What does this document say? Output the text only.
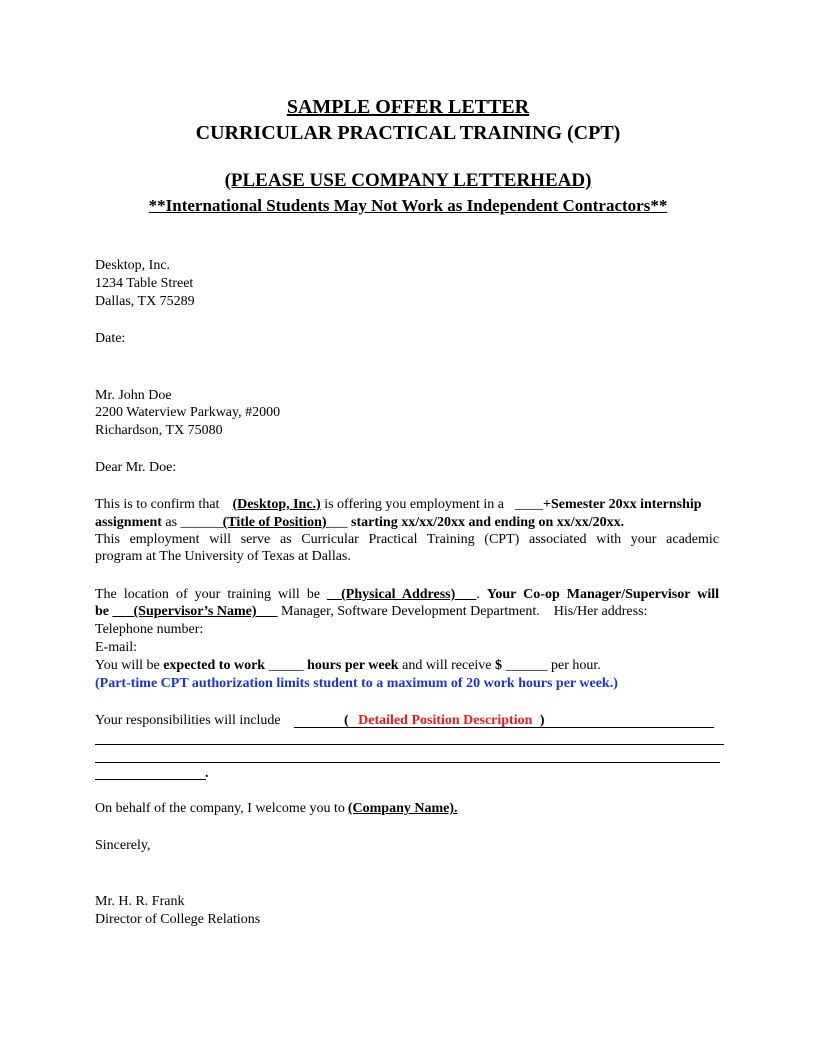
SAMPLE OFFER LETTER
CURRICULAR PRACTICAL TRAINING (CPT)
(PLEASE USE COMPANY LETTERHEAD)
**International Students May Not Work as Independent Contractors**
Desktop, Inc.
1234 Table Street
Dallas, TX 75289
Date:
Mr. John Doe
2200 Waterview Parkway, #2000
Richardson, TX 75080
Dear Mr. Doe:
This is to confirm that (Desktop, Inc.) is offering you employment in a ____+Semester 20xx internship
assignment as ______(Title of Position)___ starting xx/xx/20xx and ending on xx/xx/20xx.
This employment will serve as Curricular Practical Training (CPT) associated with your academic
program at The University of Texas at Dallas.
The location of your training will be __(Physical Address)___. Your Co-op Manager/Supervisor will
be ___(Supervisor’s Name)___ Manager, Software Development Department.    His/Her address:
Telephone number:
E-mail:
You will be expected to work _____ hours per week and will receive $ ______ per hour.
(Part-time CPT authorization limits student to a maximum of 20 work hours per week.)
Your responsibilities will include	( Detailed Position Description )
.
On behalf of the company, I welcome you to (Company Name).
Sincerely,
Mr. H. R. Frank
Director of College Relations
